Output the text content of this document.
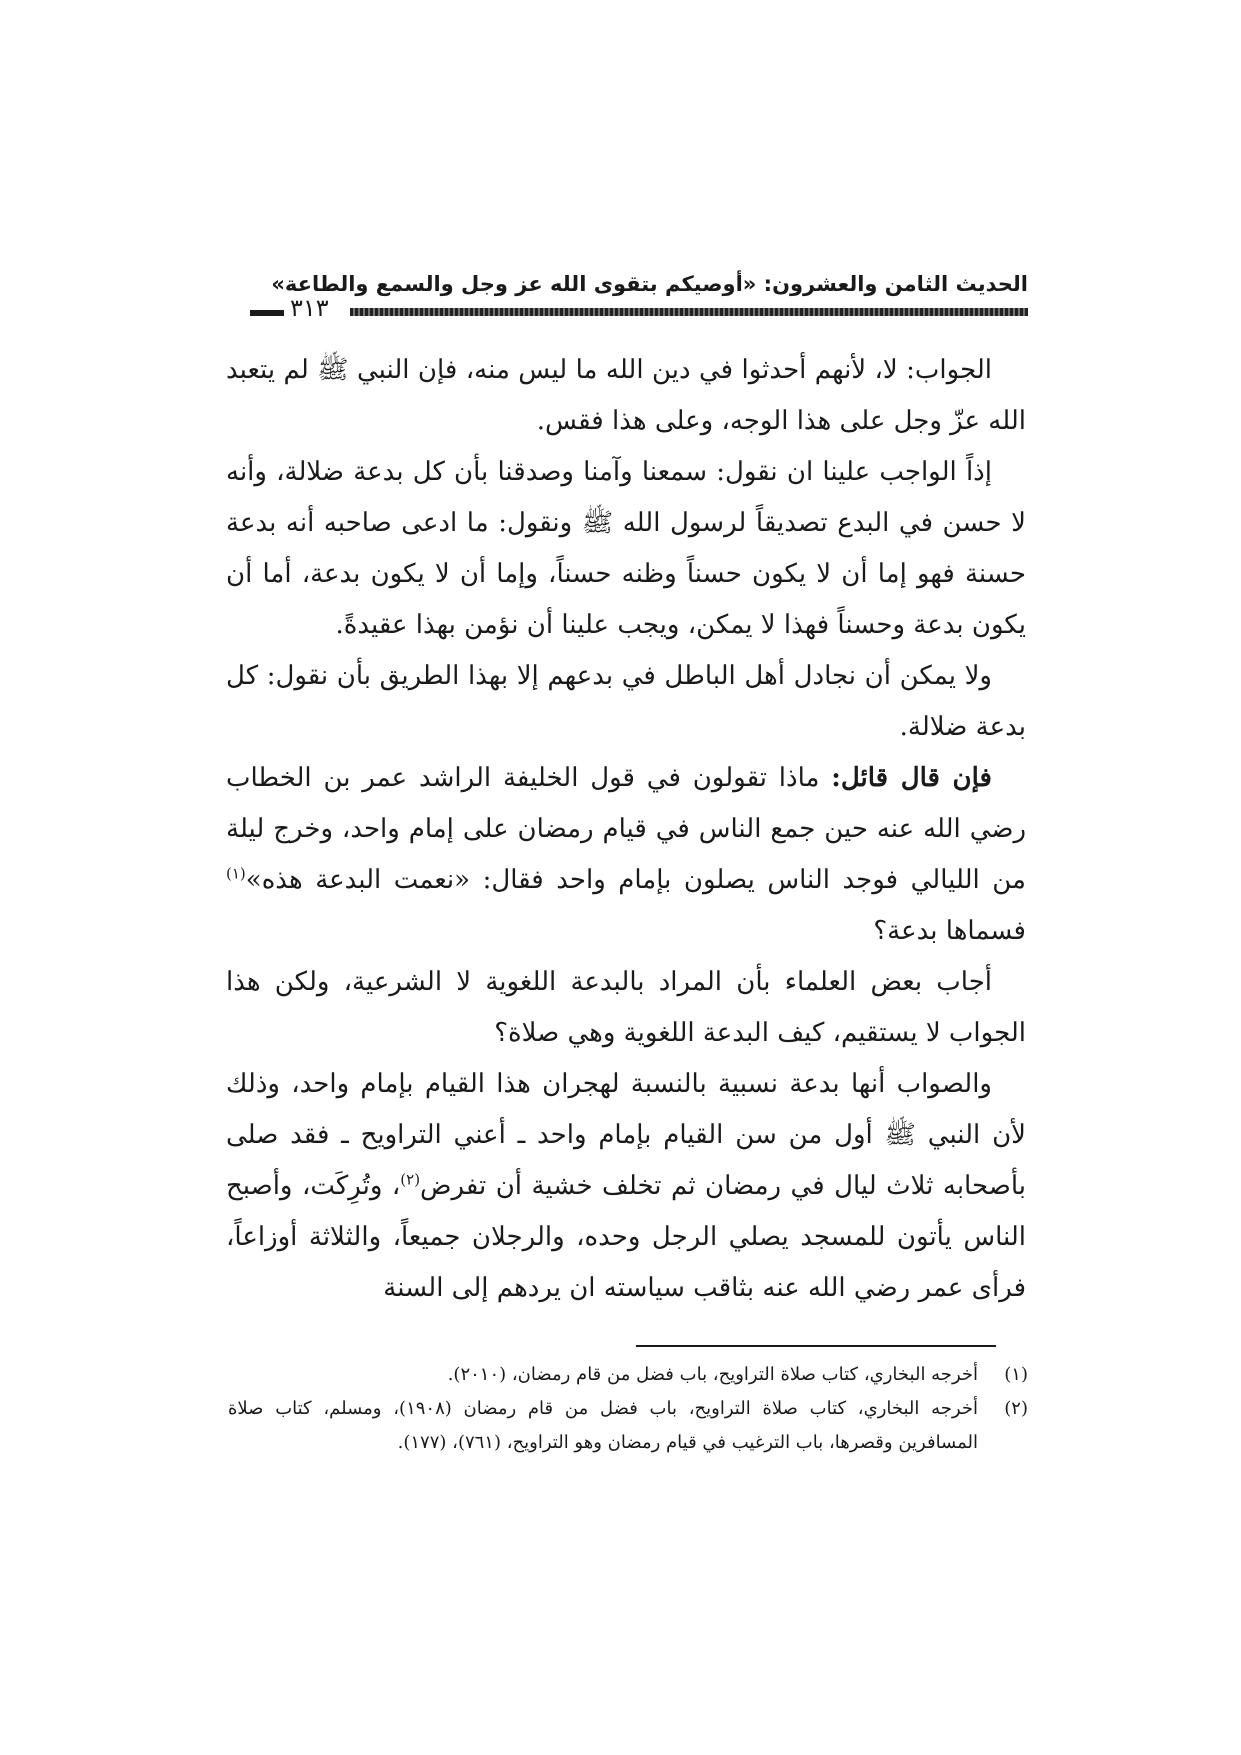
الحديث الثامن والعشرون: «أوصيكم بتقوى الله عز وجل والسمع والطاعة»
٣١٣

الجواب: لا، لأنهم أحدثوا في دين الله ما ليس منه، فإن النبي ﷺ لم يتعبد الله عزّ وجل على هذا الوجه، وعلى هذا فقس.

إذاً الواجب علينا ان نقول: سمعنا وآمنا وصدقنا بأن كل بدعة ضلالة، وأنه لا حسن في البدع تصديقاً لرسول الله ﷺ ونقول: ما ادعى صاحبه أنه بدعة حسنة فهو إما أن لا يكون حسناً وظنه حسناً، وإما أن لا يكون بدعة، أما أن يكون بدعة وحسناً فهذا لا يمكن، ويجب علينا أن نؤمن بهذا عقيدةً.

ولا يمكن أن نجادل أهل الباطل في بدعهم إلا بهذا الطريق بأن نقول: كل بدعة ضلالة.

فإن قال قائل: ماذا تقولون في قول الخليفة الراشد عمر بن الخطاب رضي الله عنه حين جمع الناس في قيام رمضان على إمام واحد، وخرج ليلة من الليالي فوجد الناس يصلون بإمام واحد فقال: «نعمت البدعة هذه»$^{(١)}$ فسماها بدعة؟

أجاب بعض العلماء بأن المراد بالبدعة اللغوية لا الشرعية، ولكن هذا الجواب لا يستقيم، كيف البدعة اللغوية وهي صلاة؟

والصواب أنها بدعة نسبية بالنسبة لهجران هذا القيام بإمام واحد، وذلك لأن النبي ﷺ أول من سن القيام بإمام واحد ـ أعني التراويح ـ فقد صلى بأصحابه ثلاث ليال في رمضان ثم تخلف خشية أن تفرض$^{(٢)}$، وتُرِكَت، وأصبح الناس يأتون للمسجد يصلي الرجل وحده، والرجلان جميعاً، والثلاثة أوزاعاً، فرأى عمر رضي الله عنه بثاقب سياسته ان يردهم إلى السنة

(١)
أخرجه البخاري، كتاب صلاة التراويح، باب فضل من قام رمضان، (٢٠١٠).
(٢)
أخرجه البخاري، كتاب صلاة التراويح، باب فضل من قام رمضان (١٩٠٨)، ومسلم، كتاب صلاة المسافرين وقصرها، باب الترغيب في قيام رمضان وهو التراويح، (٧٦١)، (١٧٧).
